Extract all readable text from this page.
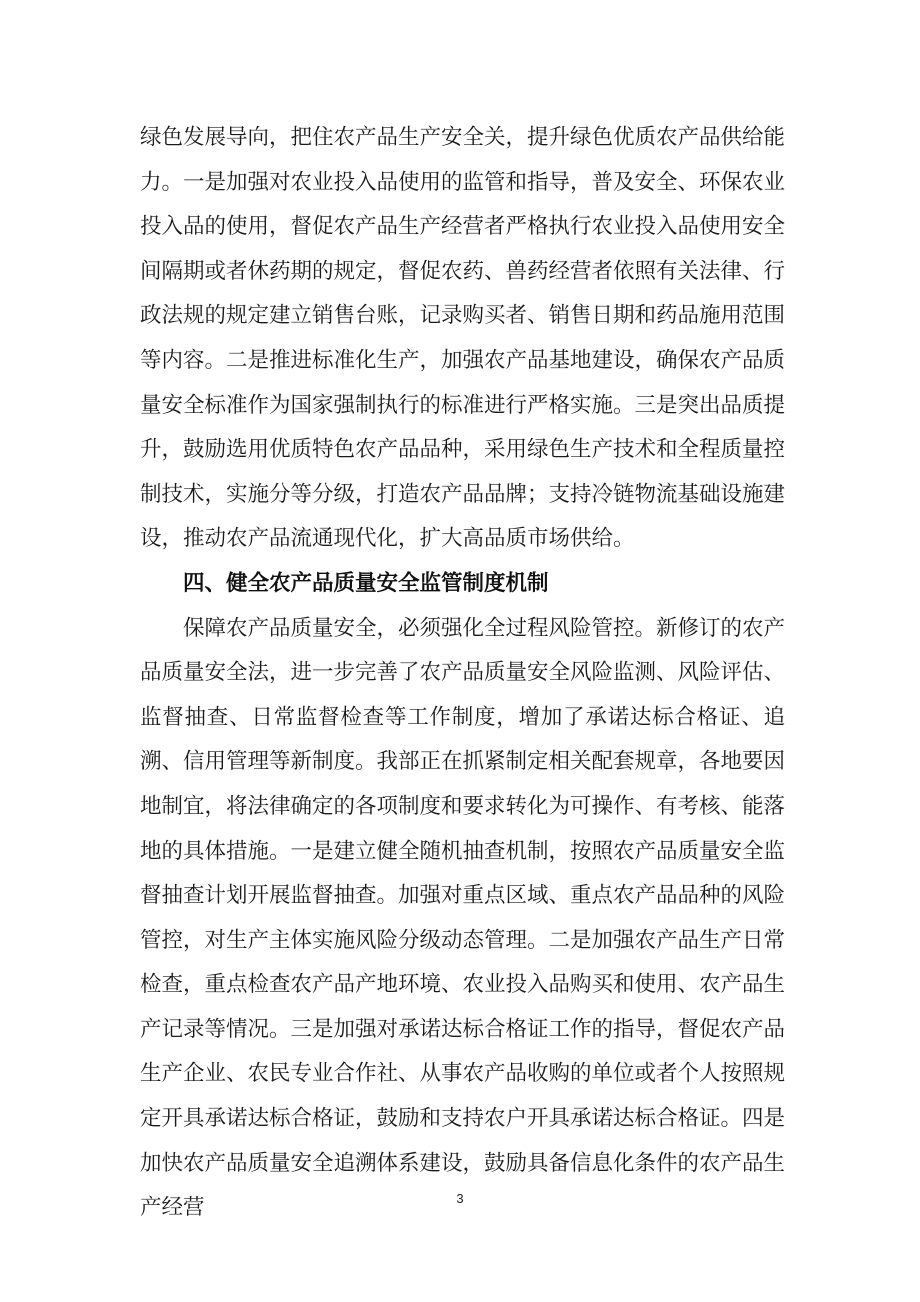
绿色发展导向，把住农产品生产安全关，提升绿色优质农产品供给能力。一是加强对农业投入品使用的监管和指导，普及安全、环保农业投入品的使用，督促农产品生产经营者严格执行农业投入品使用安全间隔期或者休药期的规定，督促农药、兽药经营者依照有关法律、行政法规的规定建立销售台账，记录购买者、销售日期和药品施用范围等内容。二是推进标准化生产，加强农产品基地建设，确保农产品质量安全标准作为国家强制执行的标准进行严格实施。三是突出品质提升，鼓励选用优质特色农产品品种，采用绿色生产技术和全程质量控制技术，实施分等分级，打造农产品品牌；支持冷链物流基础设施建设，推动农产品流通现代化，扩大高品质市场供给。

四、健全农产品质量安全监管制度机制

保障农产品质量安全，必须强化全过程风险管控。新修订的农产品质量安全法，进一步完善了农产品质量安全风险监测、风险评估、监督抽查、日常监督检查等工作制度，增加了承诺达标合格证、追溯、信用管理等新制度。我部正在抓紧制定相关配套规章，各地要因地制宜，将法律确定的各项制度和要求转化为可操作、有考核、能落地的具体措施。一是建立健全随机抽查机制，按照农产品质量安全监督抽查计划开展监督抽查。加强对重点区域、重点农产品品种的风险管控，对生产主体实施风险分级动态管理。二是加强农产品生产日常检查，重点检查农产品产地环境、农业投入品购买和使用、农产品生产记录等情况。三是加强对承诺达标合格证工作的指导，督促农产品生产企业、农民专业合作社、从事农产品收购的单位或者个人按照规定开具承诺达标合格证，鼓励和支持农户开具承诺达标合格证。四是加快农产品质量安全追溯体系建设，鼓励具备信息化条件的农产品生产经营	3
